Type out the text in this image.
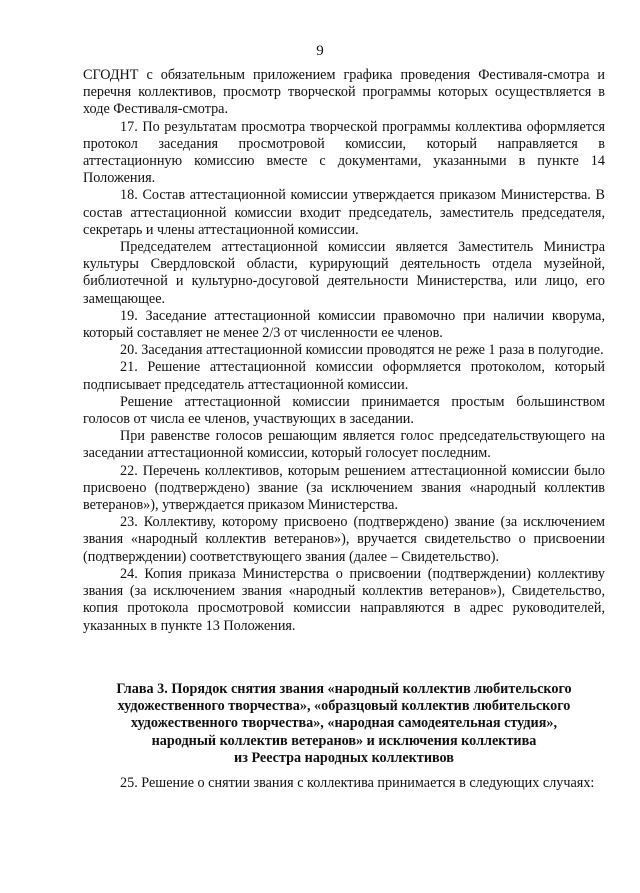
9

СГОДНТ с обязательным приложением графика проведения Фестиваля-смотра и перечня коллективов, просмотр творческой программы которых осуществляется в ходе Фестиваля-смотра.

17. По результатам просмотра творческой программы коллектива оформляется протокол заседания просмотровой комиссии, который направляется в аттестационную комиссию вместе с документами, указанными в пункте 14 Положения.

18. Состав аттестационной комиссии утверждается приказом Министерства. В состав аттестационной комиссии входит председатель, заместитель председателя, секретарь и члены аттестационной комиссии.

Председателем аттестационной комиссии является Заместитель Министра культуры Свердловской области, курирующий деятельность отдела музейной, библиотечной и культурно-досуговой деятельности Министерства, или лицо, его замещающее.

19. Заседание аттестационной комиссии правомочно при наличии кворума, который составляет не менее 2/3 от численности ее членов.

20. Заседания аттестационной комиссии проводятся не реже 1 раза в полугодие.

21. Решение аттестационной комиссии оформляется протоколом, который подписывает председатель аттестационной комиссии.

Решение аттестационной комиссии принимается простым большинством голосов от числа ее членов, участвующих в заседании.

При равенстве голосов решающим является голос председательствующего на заседании аттестационной комиссии, который голосует последним.

22. Перечень коллективов, которым решением аттестационной комиссии было присвоено (подтверждено) звание (за исключением звания «народный коллектив ветеранов»), утверждается приказом Министерства.

23. Коллективу, которому присвоено (подтверждено) звание (за исключением звания «народный коллектив ветеранов»), вручается свидетельство о присвоении (подтверждении) соответствующего звания (далее – Свидетельство).

24. Копия приказа Министерства о присвоении (подтверждении) коллективу звания (за исключением звания «народный коллектив ветеранов»), Свидетельство, копия протокола просмотровой комиссии направляются в адрес руководителей, указанных в пункте 13 Положения.

Глава 3. Порядок снятия звания «народный коллектив любительского
художественного творчества», «образцовый коллектив любительского
художественного творчества», «народная самодеятельная студия»,
народный коллектив ветеранов» и исключения коллектива
из Реестра народных коллективов

25. Решение о снятии звания с коллектива принимается в следующих случаях:
